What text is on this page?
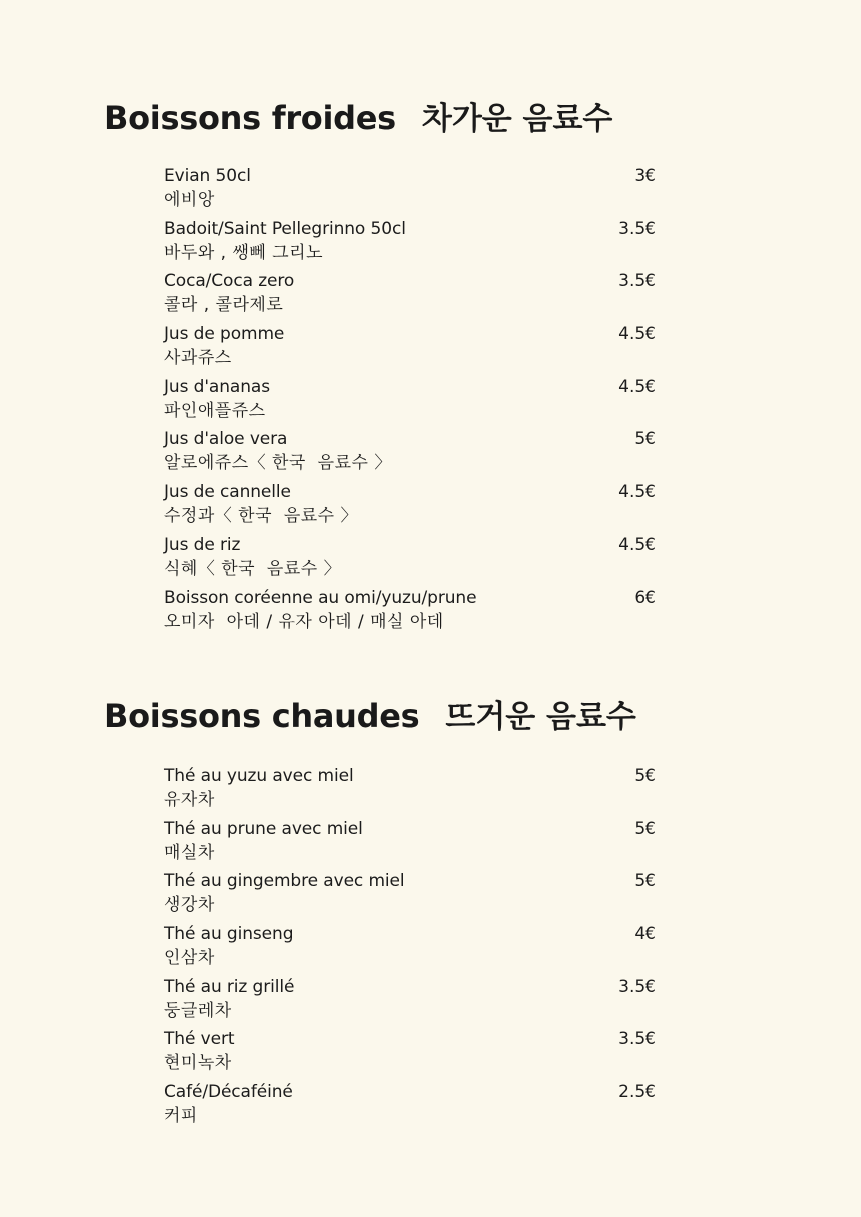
Boissons froides 차가운 음료수
Evian 50cl
에비앙
3€
Badoit/Saint Pellegrinno 50cl
바두와 , 쌩뻬 그리노
3.5€
Coca/Coca zero
콜라 , 콜라제로
3.5€
Jus de pomme
사과쥬스
4.5€
Jus d'ananas
파인애플쥬스
4.5€
Jus d'aloe vera
알로에쥬스〈 한국  음료수 〉
5€
Jus de cannelle
수정과〈 한국  음료수 〉
4.5€
Jus de riz
식혜〈 한국  음료수 〉
4.5€
Boisson coréenne au omi/yuzu/prune
오미자  아데 / 유자 아데 / 매실 아데
6€
Boissons chaudes 뜨거운 음료수
Thé au yuzu avec miel
유자차
5€
Thé au prune avec miel
매실차
5€
Thé au gingembre avec miel
생강차
5€
Thé au ginseng
인삼차
4€
Thé au riz grillé
둥글레차
3.5€
Thé vert
현미녹차
3.5€
Café/Décaféiné
커피
2.5€
